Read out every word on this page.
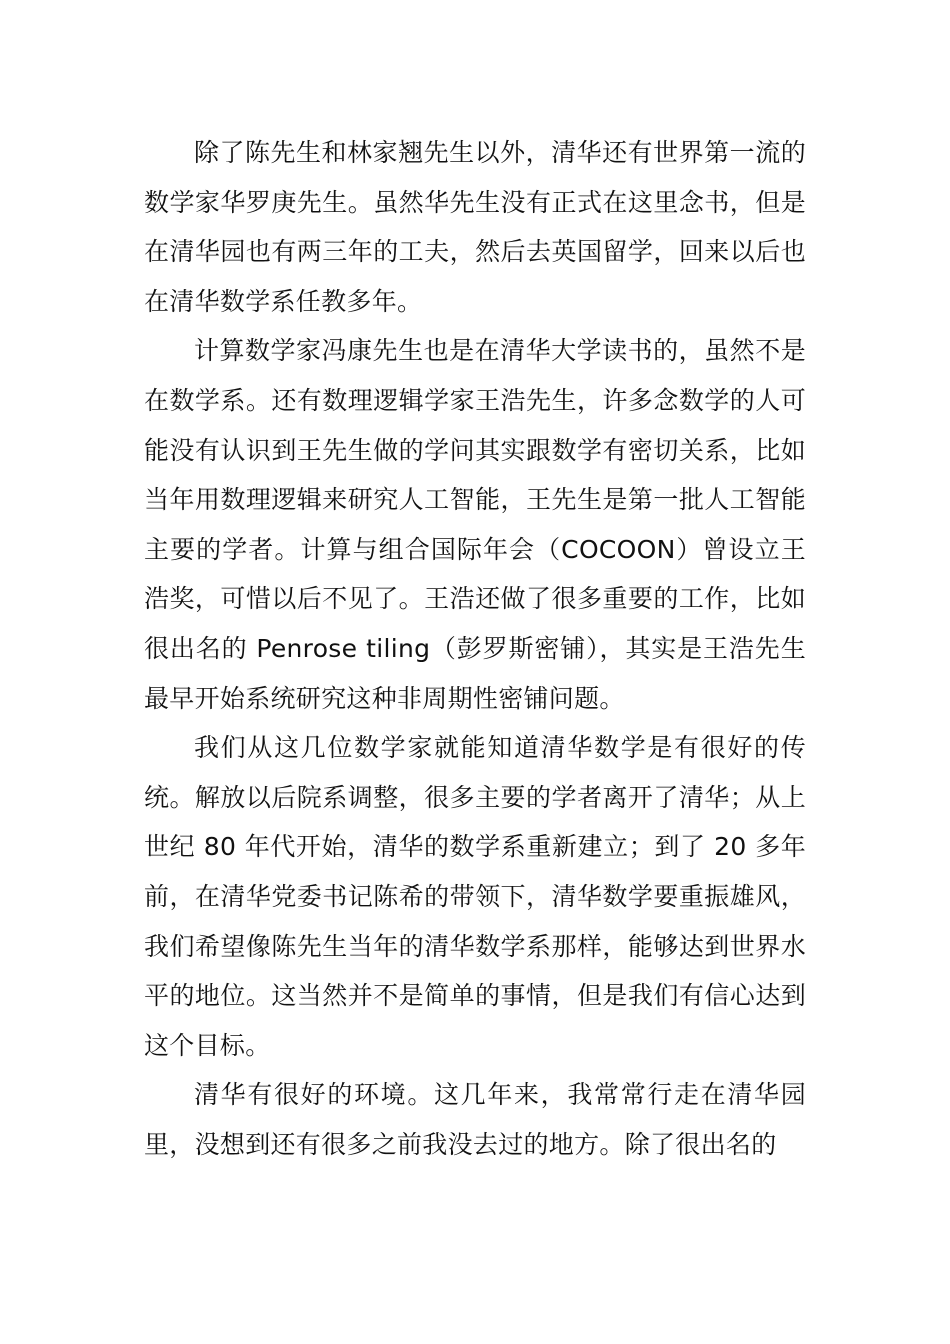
除了陈先生和林家翘先生以外，清华还有世界第一流的数学家华罗庚先生。虽然华先生没有正式在这里念书，但是在清华园也有两三年的工夫，然后去英国留学，回来以后也在清华数学系任教多年。

计算数学家冯康先生也是在清华大学读书的，虽然不是在数学系。还有数理逻辑学家王浩先生，许多念数学的人可能没有认识到王先生做的学问其实跟数学有密切关系，比如当年用数理逻辑来研究人工智能，王先生是第一批人工智能主要的学者。计算与组合国际年会（COCOON）曾设立王浩奖，可惜以后不见了。王浩还做了很多重要的工作，比如很出名的 Penrose tiling（彭罗斯密铺），其实是王浩先生最早开始系统研究这种非周期性密铺问题。

我们从这几位数学家就能知道清华数学是有很好的传统。解放以后院系调整，很多主要的学者离开了清华；从上世纪 80 年代开始，清华的数学系重新建立；到了 20 多年前，在清华党委书记陈希的带领下，清华数学要重振雄风，我们希望像陈先生当年的清华数学系那样，能够达到世界水平的地位。这当然并不是简单的事情，但是我们有信心达到这个目标。

清华有很好的环境。这几年来，我常常行走在清华园里，没想到还有很多之前我没去过的地方。除了很出名的
